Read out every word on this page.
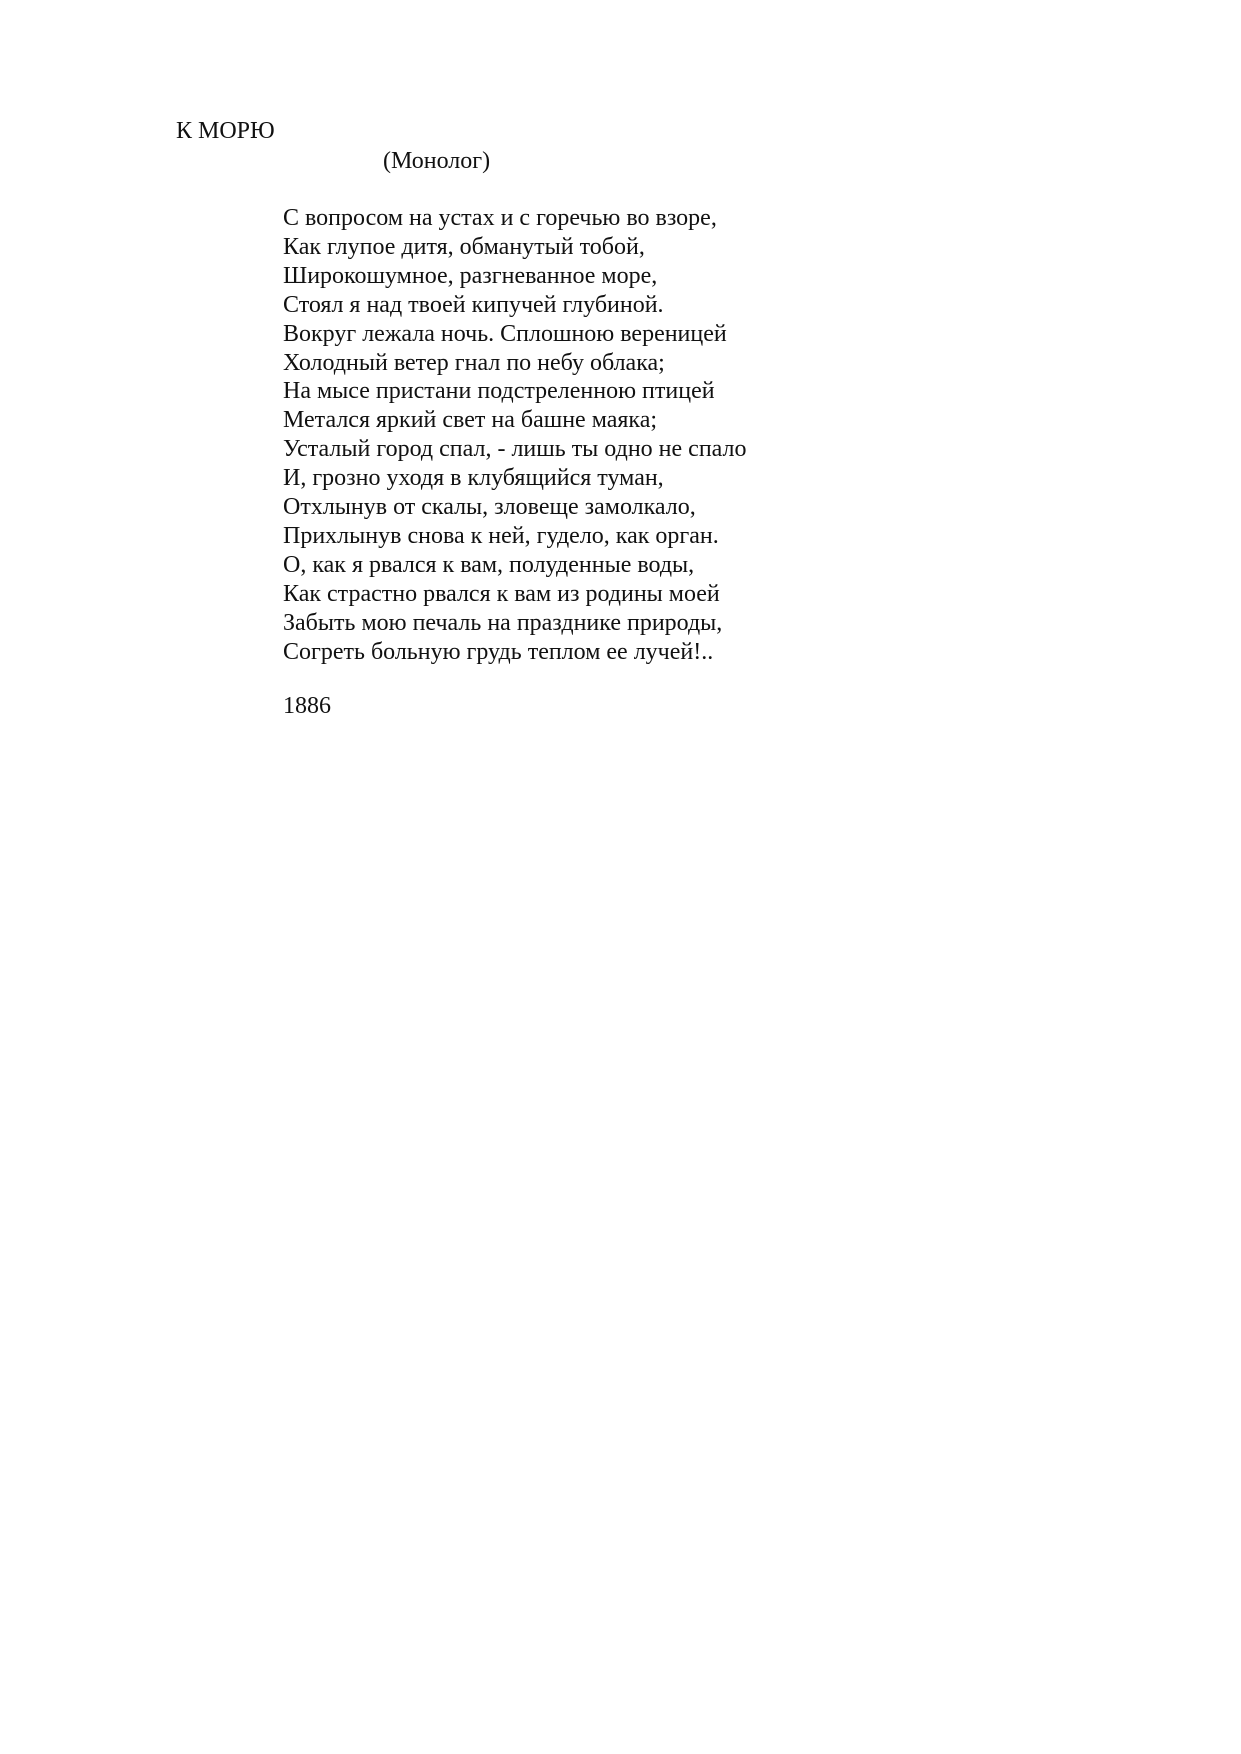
К МОРЮ
(Монолог)
С вопросом на устах и с горечью во взоре,
Как глупое дитя, обманутый тобой,
Широкошумное, разгневанное море,
Стоял я над твоей кипучей глубиной.
Вокруг лежала ночь. Сплошною вереницей
Холодный ветер гнал по небу облака;
На мысе пристани подстреленною птицей
Метался яркий свет на башне маяка;
Усталый город спал, - лишь ты одно не спало
И, грозно уходя в клубящийся туман,
Отхлынув от скалы, зловеще замолкало,
Прихлынув снова к ней, гудело, как орган.
О, как я рвался к вам, полуденные воды,
Как страстно рвался к вам из родины моей
Забыть мою печаль на празднике природы,
Согреть больную грудь теплом ее лучей!..
1886
